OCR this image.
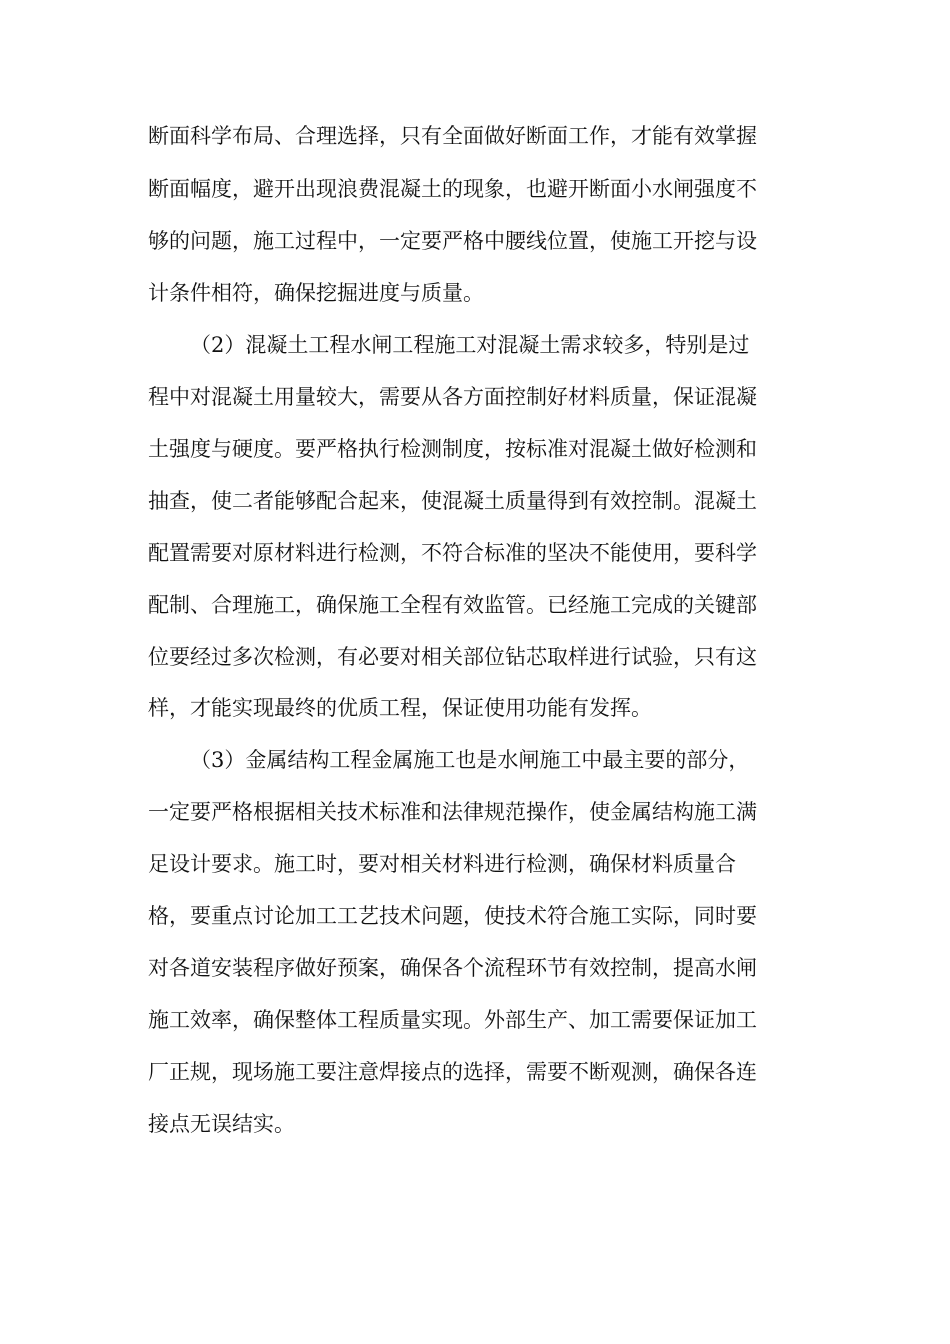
断面科学布局、合理选择，只有全面做好断面工作，才能有效掌握
断面幅度，避开出现浪费混凝土的现象，也避开断面小水闸强度不
够的问题，施工过程中，一定要严格中腰线位置，使施工开挖与设
计条件相符，确保挖掘进度与质量。
（2）混凝土工程水闸工程施工对混凝土需求较多，特别是过
程中对混凝土用量较大，需要从各方面控制好材料质量，保证混凝
土强度与硬度。要严格执行检测制度，按标准对混凝土做好检测和
抽查，使二者能够配合起来，使混凝土质量得到有效控制。混凝土
配置需要对原材料进行检测，不符合标准的坚决不能使用，要科学
配制、合理施工，确保施工全程有效监管。已经施工完成的关键部
位要经过多次检测，有必要对相关部位钻芯取样进行试验，只有这
样，才能实现最终的优质工程，保证使用功能有发挥。
（3）金属结构工程金属施工也是水闸施工中最主要的部分，
一定要严格根据相关技术标准和法律规范操作，使金属结构施工满
足设计要求。施工时，要对相关材料进行检测，确保材料质量合
格，要重点讨论加工工艺技术问题，使技术符合施工实际，同时要
对各道安装程序做好预案，确保各个流程环节有效控制，提高水闸
施工效率，确保整体工程质量实现。外部生产、加工需要保证加工
厂正规，现场施工要注意焊接点的选择，需要不断观测，确保各连
接点无误结实。
